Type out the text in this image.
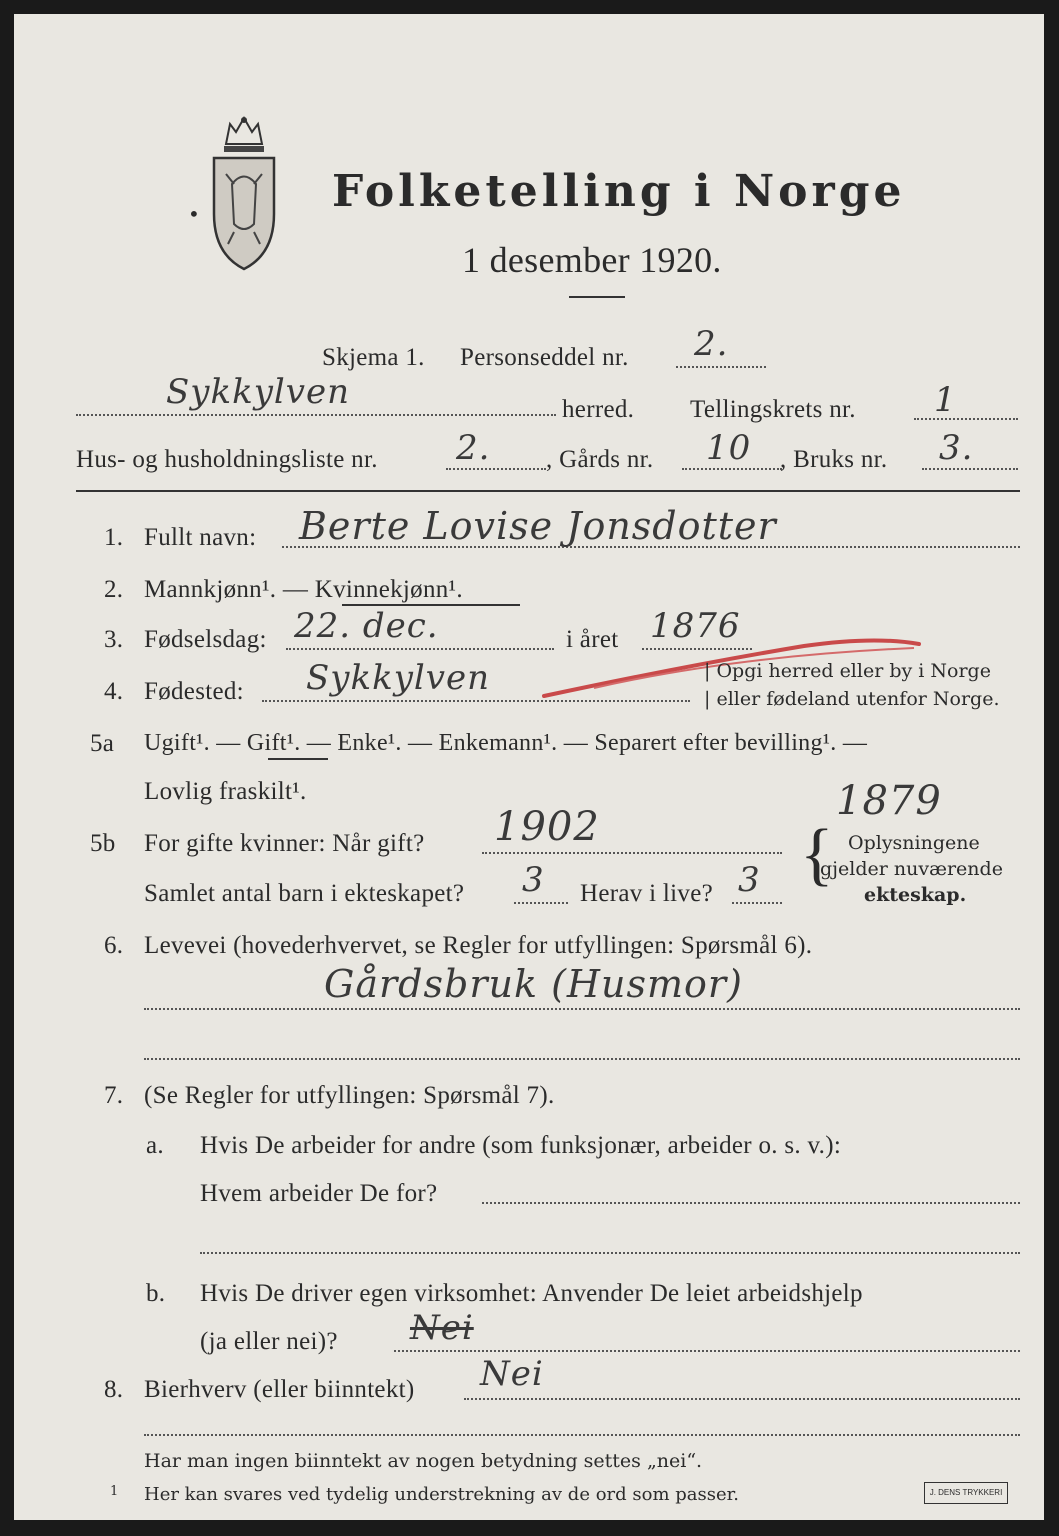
•	Folketelling i Norge
1 desember 1920.
Skjema 1. Personseddel nr. 2.
Sykkylven	herred. Tellingskrets nr. 1
Hus- og husholdningsliste nr. 2. , Gårds nr. 10 , Bruks nr. 3.
1. Fullt navn: Berte Lovise Jonsdotter
2. Mannkjønn¹. — Kvinnekjønn¹.
3. Fødselsdag: 22. dec.	i året 1876
4. Fødested: Sykkylven	| Opgi herred eller by i Norge
| eller fødeland utenfor Norge.
5a Ugift¹. — Gift¹. — Enke¹. — Enkemann¹. — Separert efter bevilling¹. —
Lovlig fraskilt¹.	1879
5b For gifte kvinner: Når gift? 1902
Samlet antal barn i ekteskapet? 3 Herav i live? 3 { Oplysningene
gjelder nuværende
ekteskap.
6. Levevei (hovederhvervet, se Regler for utfyllingen: Spørsmål 6).
Gårdsbruk (Husmor)
7. (Se Regler for utfyllingen: Spørsmål 7).
a. Hvis De arbeider for andre (som funksjonær, arbeider o. s. v.):
Hvem arbeider De for?
b. Hvis De driver egen virksomhet: Anvender De leiet arbeidshjelp
(ja eller nei)? Nei
8. Bierhverv (eller biinntekt) Nei
Har man ingen biinntekt av nogen betydning settes „nei“.
1 Her kan svares ved tydelig understrekning av de ord som passer.	J. DENS TRYKKERI
